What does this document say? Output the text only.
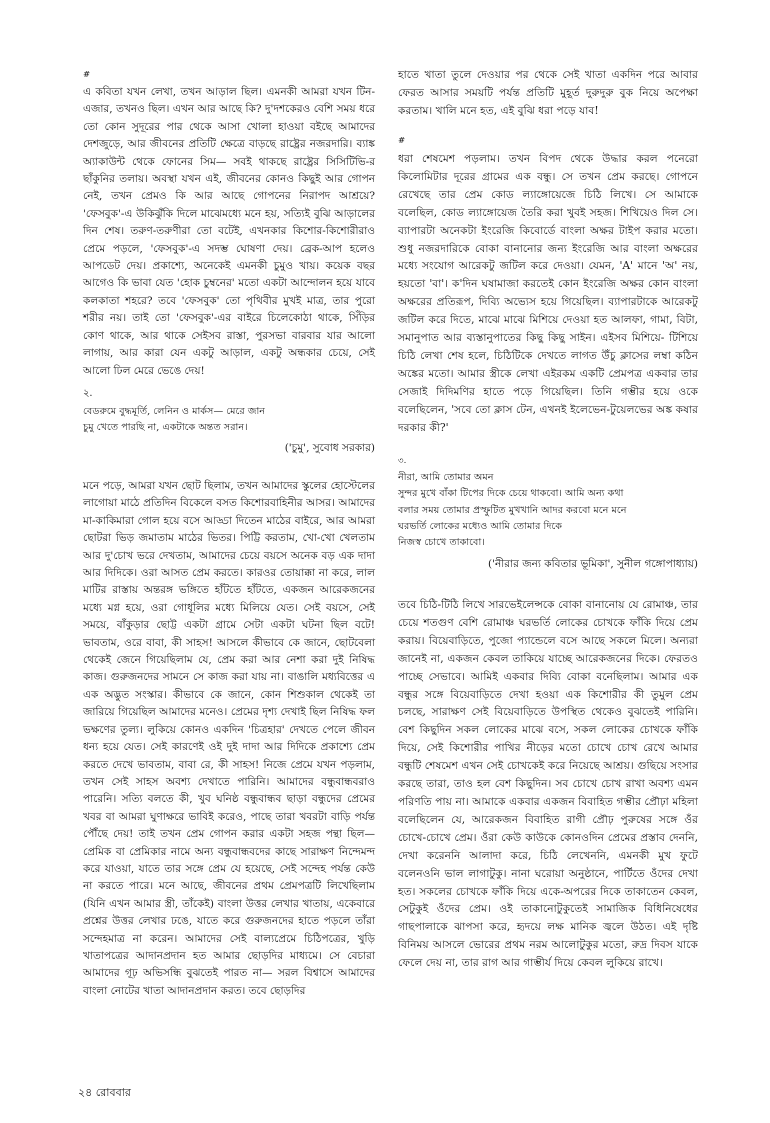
#

এ কবিতা যখন লেখা, তখন আড়াল ছিল। এমনকী আমরা যখন টিন-এজার, তখনও ছিল। এখন আর আছে কি? দু'দশকেরও বেশি সময় ধরে তো কোন সুদূরের পার থেকে আসা খোলা হাওয়া বইছে আমাদের দেশজুড়ে, আর জীবনের প্রতিটি ক্ষেত্রে বাড়ছে রাষ্ট্রের নজরদারি। ব্যাঙ্ক অ্যাকাউন্ট থেকে ফোনের সিম— সবই থাকছে রাষ্ট্রের সিসিটিভি-র ছাঁকুনির তলায়। অবস্থা যখন এই, জীবনের কোনও কিছুই আর গোপন নেই, তখন প্রেমও কি আর আছে গোপনের নিরাপদ আশ্রয়ে? 'ফেসবুক'-এ উকিঝুঁকি দিলে মাঝেমধ্যে মনে হয়, সত্যিই বুঝি আড়ালের দিন শেষ। তরুণ-তরুণীরা তো বটেই, এখনকার কিশোর-কিশোরীরাও প্রেমে পড়লে, 'ফেসবুক'-এ সদম্ভ ঘোষণা দেয়। ব্রেক-আপ হলেও আপডেট দেয়। প্রকাশ্যে, অনেকেই এমনকী চুমুও খায়। কয়েক বছর আগেও কি ভাবা যেত 'হোক চুম্বনের' মতো একটা আন্দোলন হয়ে যাবে কলকাতা শহরে? তবে 'ফেসবুক' তো পৃথিবীর মুখই মাত্র, তার পুরো শরীর নয়। তাই তো 'ফেসবুক'-এর বাইরে চিলেকোঠা থাকে, সিঁড়ির কোণ থাকে, আর থাকে সেইসব রাস্তা, পুরসভা বারবার যার আলো লাগায়, আর কারা যেন একটু আড়াল, একটু অন্ধকার চেয়ে, সেই আলো ঢিল মেরে ভেঙে দেয়!

২.
বেডরুমে বুদ্ধমূর্তি, লেনিন ও মার্কস— মেরে জান
চুমু খেতে পারছি না, একটাকে অন্তত সরান।
('চুমু', সুবোধ সরকার)

মনে পড়ে, আমরা যখন ছোট ছিলাম, তখন আমাদের স্কুলের হোস্টেলের লাগোয়া মাঠে প্রতিদিন বিকেলে বসত কিশোরবাহিনীর আসর। আমাদের মা-কাকিমারা গোল হয়ে বসে আড্ডা দিতেন মাঠের বাইরে, আর আমরা ছোটরা ভিড় জমাতাম মাঠের ভিতর। পিট্টি করতাম, খো-খো খেলতাম আর দু'চোখ ভরে দেখতাম, আমাদের চেয়ে বয়সে অনেক বড় এক দাদা আর দিদিকে। ওরা আসত প্রেম করতে। কারওর তোয়াক্কা না করে, লাল মাটির রাস্তায় অন্তরঙ্গ ভঙ্গিতে হাঁটতে হাঁটতে, একজন আরেকজনের মধ্যে মগ্ন হয়ে, ওরা গোধূলির মধ্যে মিলিয়ে যেত। সেই বয়সে, সেই সময়ে, বাঁকুড়ার ছোট্ট একটা গ্রামে সেটা একটা ঘটনা ছিল বটে! ভাবতাম, ওরে বাবা, কী সাহস! আসলে কীভাবে কে জানে, ছোটবেলা থেকেই জেনে গিয়েছিলাম যে, প্রেম করা আর নেশা করা দুই নিষিদ্ধ কাজ। গুরুজনদের সামনে সে কাজ করা যায় না। বাঙালি মধ্যবিত্তের এ এক অদ্ভুত সংস্কার। কীভাবে কে জানে, কোন শিশুকাল থেকেই তা জারিয়ে গিয়েছিল আমাদের মনেও। প্রেমের দৃশ্য দেখাই ছিল নিষিদ্ধ ফল ভক্ষণের তুল্য। লুকিয়ে কোনও একদিন 'চিত্রহার' দেখতে পেলে জীবন ধন্য হয়ে যেত। সেই কারণেই ওই দুই দাদা আর দিদিকে প্রকাশ্যে প্রেম করতে দেখে ভাবতাম, বাবা রে, কী সাহস! নিজে প্রেমে যখন পড়লাম, তখন সেই সাহস অবশ্য দেখাতে পারিনি। আমাদের বন্ধুবান্ধবরাও পারেনি। সত্যি বলতে কী, খুব ঘনিষ্ঠ বন্ধুবান্ধব ছাড়া বন্ধুদের প্রেমের খবর বা আমরা ঘুণাক্ষরে ভাবিই করেও, পাছে তারা খবরটা বাড়ি পর্যন্ত পৌঁছে দেয়! তাই তখন প্রেম গোপন করার একটা সহজ পন্থা ছিল— প্রেমিক বা প্রেমিকার নামে অন্য বন্ধুবান্ধবদের কাছে সারাক্ষণ নিন্দেমন্দ করে যাওয়া, যাতে তার সঙ্গে প্রেম যে হয়েছে, সেই সন্দেহ পর্যন্ত কেউ না করতে পারে। মনে আছে, জীবনের প্রথম প্রেমপত্রটি লিখেছিলাম (যিনি এখন আমার স্ত্রী, তাঁকেই) বাংলা উত্তর লেখার খাতায়, একেবারে প্রশ্নের উত্তর লেখার ঢঙে, যাতে করে গুরুজনদের হাতে পড়লে তাঁরা সন্দেহমাত্র না করেন। আমাদের সেই বাল্যপ্রেমে চিঠিপত্রের, খুড়ি খাতাপত্রের আদানপ্রদান হত আমার ছোড়দির মাধ্যমে। সে বেচারা আমাদের গূঢ় অভিসন্ধি বুঝতেই পারত না— সরল বিশ্বাসে আমাদের বাংলা নোটের খাতা আদানপ্রদান করত। তবে ছোড়দির

হাতে খাতা তুলে দেওয়ার পর থেকে সেই খাতা একদিন পরে আবার ফেরত আসার সময়টি পর্যন্ত প্রতিটি মুহূর্ত দুরুদুরু বুক নিয়ে অপেক্ষা করতাম। খালি মনে হত, এই বুঝি ধরা পড়ে যাব!

#

ধরা শেষমেশ পড়লাম। তখন বিপদ থেকে উদ্ধার করল পনেরো কিলোমিটার দূরের গ্রামের এক বন্ধু। সে তখন প্রেম করছে। গোপনে রেখেছে তার প্রেম কোড ল্যাঙ্গোয়েজে চিঠি লিখে। সে আমাকে বলেছিল, কোড ল্যাঙ্গোয়েজ তৈরি করা খুবই সহজ। শিখিয়েও দিল সে। ব্যাপারটা অনেকটা ইংরেজি কিবোর্ডে বাংলা অক্ষর টাইপ করার মতো। শুধু নজরদারিকে বোকা বানানোর জন্য ইংরেজি আর বাংলা অক্ষরের মধ্যে সংযোগ আরেকটু জটিল করে দেওয়া। যেমন, 'A' মানে 'অ' নয়, হয়তো 'বা'। ক'দিন ঘষামাজা করতেই কোন ইংরেজি অক্ষর কোন বাংলা অক্ষরের প্রতিরূপ, দিব্যি অভ্যেস হয়ে গিয়েছিল। ব্যাপারটাকে আরেকটু জটিল করে দিতে, মাঝে মাঝে মিশিয়ে দেওয়া হত আলফা, গামা, বিটা, সমানুপাত আর ব্যস্তানুপাতের কিছু কিছু সাইন। এইসব মিশিয়ে- টিশিয়ে চিঠি লেখা শেষ হলে, চিঠিটিকে দেখতে লাগত উঁচু ক্লাসের লম্বা কঠিন অঙ্কের মতো। আমার স্ত্রীকে লেখা এইরকম একটি প্রেমপত্র একবার তার সেজাই দিদিমণির হাতে পড়ে গিয়েছিল। তিনি গম্ভীর হয়ে ওকে বলেছিলেন, 'সবে তো ক্লাস টেন, এখনই ইলেভেন-টুয়েলভের অঙ্ক কষার দরকার কী?'

৩.
নীরা, আমি তোমার অমন
সুন্দর মুখে বাঁকা টিপের দিকে চেয়ে থাকবো। আমি অন্য কথা
বলার সময় তোমার প্রস্ফুটিত মুখখানি আদর করবো মনে মনে
ঘরভর্তি লোকের মধ্যেও আমি তোমার দিকে
নিজস্ব চোখে তাকাবো।
('নীরার জন্য কবিতার ভূমিকা', সুনীল গঙ্গোপাধ্যায়)

তবে চিঠি-টিঠি লিখে সারভেইলেন্সকে বোকা বানানোয় যে রোমাঞ্চ, তার চেয়ে শতগুণ বেশি রোমাঞ্চ ঘরভর্তি লোকের চোখকে ফাঁকি দিয়ে প্রেম করায়। বিয়েবাড়িতে, পুজো প্যান্ডেলে বসে আছে সকলে মিলে। অন্যরা জানেই না, একজন কেবল তাকিয়ে যাচ্ছে আরেকজনের দিকে। ফেরতও পাচ্ছে সেভাবে। আমিই একবার দিব্যি বোকা বনেছিলাম। আমার এক বন্ধুর সঙ্গে বিয়েবাড়িতে দেখা হওয়া এক কিশোরীর কী তুমুল প্রেম চলছে, সারাক্ষণ সেই বিয়েবাড়িতে উপস্থিত থেকেও বুঝতেই পারিনি। বেশ কিছুদিন সকল লোকের মাঝে বসে, সকল লোকের চোখকে ফাঁকি দিয়ে, সেই কিশোরীর পাখির নীড়ের মতো চোখে চোখ রেখে আমার বন্ধুটি শেষমেশ এখন সেই চোখকেই করে নিয়েছে আশ্রয়। গুছিয়ে সংসার করছে তারা, তাও হল বেশ কিছুদিন। সব চোখে চোখ রাখা অবশ্য এমন পরিণতি পায় না। আমাকে একবার একজন বিবাহিত গম্ভীর প্রৌঢ়া মহিলা বলেছিলেন যে, আরেকজন বিবাহিত রাগী প্রৌঢ় পুরুষের সঙ্গে ওঁর চোখে-চোখে প্রেম। ওঁরা কেউ কাউকে কোনওদিন প্রেমের প্রস্তাব দেননি, দেখা করেননি আলাদা করে, চিঠি লেখেননি, এমনকী মুখ ফুটে বলেনওনি ভাল লাগাটুকু। নানা ঘরোয়া অনুষ্ঠানে, পার্টিতে ওঁদের দেখা হত। সকলের চোখকে ফাঁকি দিয়ে একে-অপরের দিকে তাকাতেন কেবল, সেটুকুই ওঁদের প্রেম। ওই তাকানোটুকুতেই সামাজিক বিধিনিষেধের গাছপালাকে ঝাপসা করে, হৃদয়ে লক্ষ মানিক জ্বলে উঠত। এই দৃষ্টি বিনিময় আসলে ভোরের প্রথম নরম আলোটুকুর মতো, রুদ্র দিবস যাকে ফেলে দেয় না, তার রাগ আর গাম্ভীর্য দিয়ে কেবল লুকিয়ে রাখে।

২৪ রোববার
